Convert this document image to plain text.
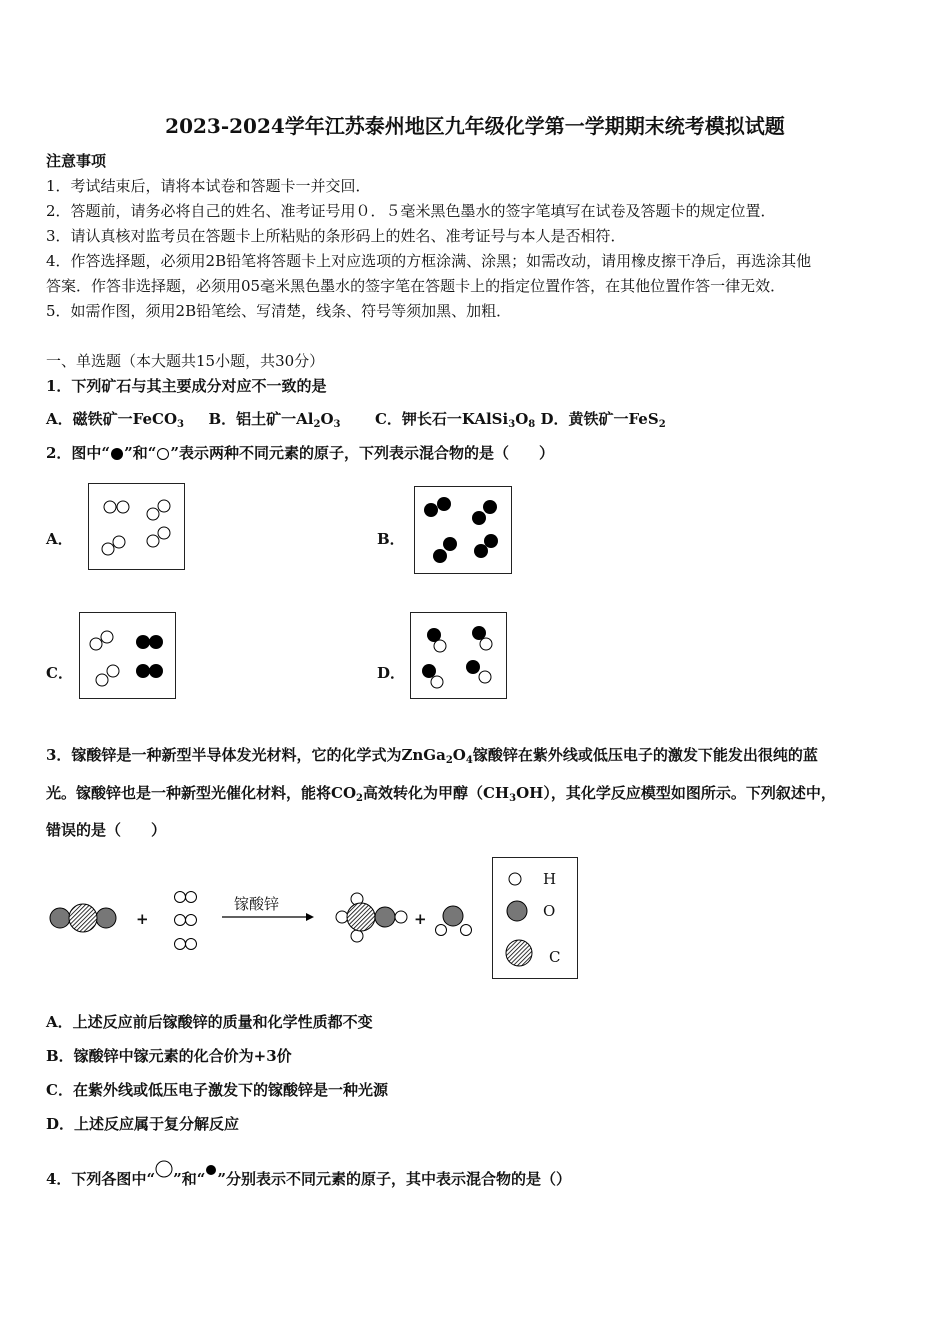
2023-2024学年江苏泰州地区九年级化学第一学期期末统考模拟试题
注意事项
1．考试结束后，请将本试卷和答题卡一并交回．
2．答题前，请务必将自己的姓名、准考证号用０．５毫米黑色墨水的签字笔填写在试卷及答题卡的规定位置．
3．请认真核对监考员在答题卡上所粘贴的条形码上的姓名、准考证号与本人是否相符．
4．作答选择题，必须用2B铅笔将答题卡上对应选项的方框涂满、涂黑；如需改动，请用橡皮擦干净后，再选涂其他
答案．作答非选择题，必须用05毫米黑色墨水的签字笔在答题卡上的指定位置作答，在其他位置作答一律无效．
5．如需作图，须用2B铅笔绘、写清楚，线条、符号等须加黑、加粗．
一、单选题（本大题共15小题，共30分）
1．下列矿石与其主要成分对应不一致的是
A．磁铁矿一FeCO$_3$ B．铝土矿一$Al_2O_3$ C．钾长石一$KAlSi_3O_8$ D．黄铁矿一FeS$_2$
2．图中“ ”和“ ”表示两种不同元素的原子，下列表示混合物的是（　　）
A．	B．
C．	D．
3．镓酸锌是一种新型半导体发光材料，它的化学式为$ZnGa_2O_4$镓酸锌在紫外线或低压电子的激发下能发出很纯的蓝
光。镓酸锌也是一种新型光催化材料，能将$CO_2$高效转化为甲醇$(CH_3OH)$，其化学反应模型如图所示。下列叙述中，
错误的是（　　）
+
镓酸锌
+
H
O
C
A．上述反应前后镓酸锌的质量和化学性质都不变
B．镓酸锌中镓元素的化合价为+3价
C．在紫外线或低压电子激发下的镓酸锌是一种光源
D．上述反应属于复分解反应
4．下列各图中“ ”和“ ”分别表示不同元素的原子，其中表示混合物的是（）
